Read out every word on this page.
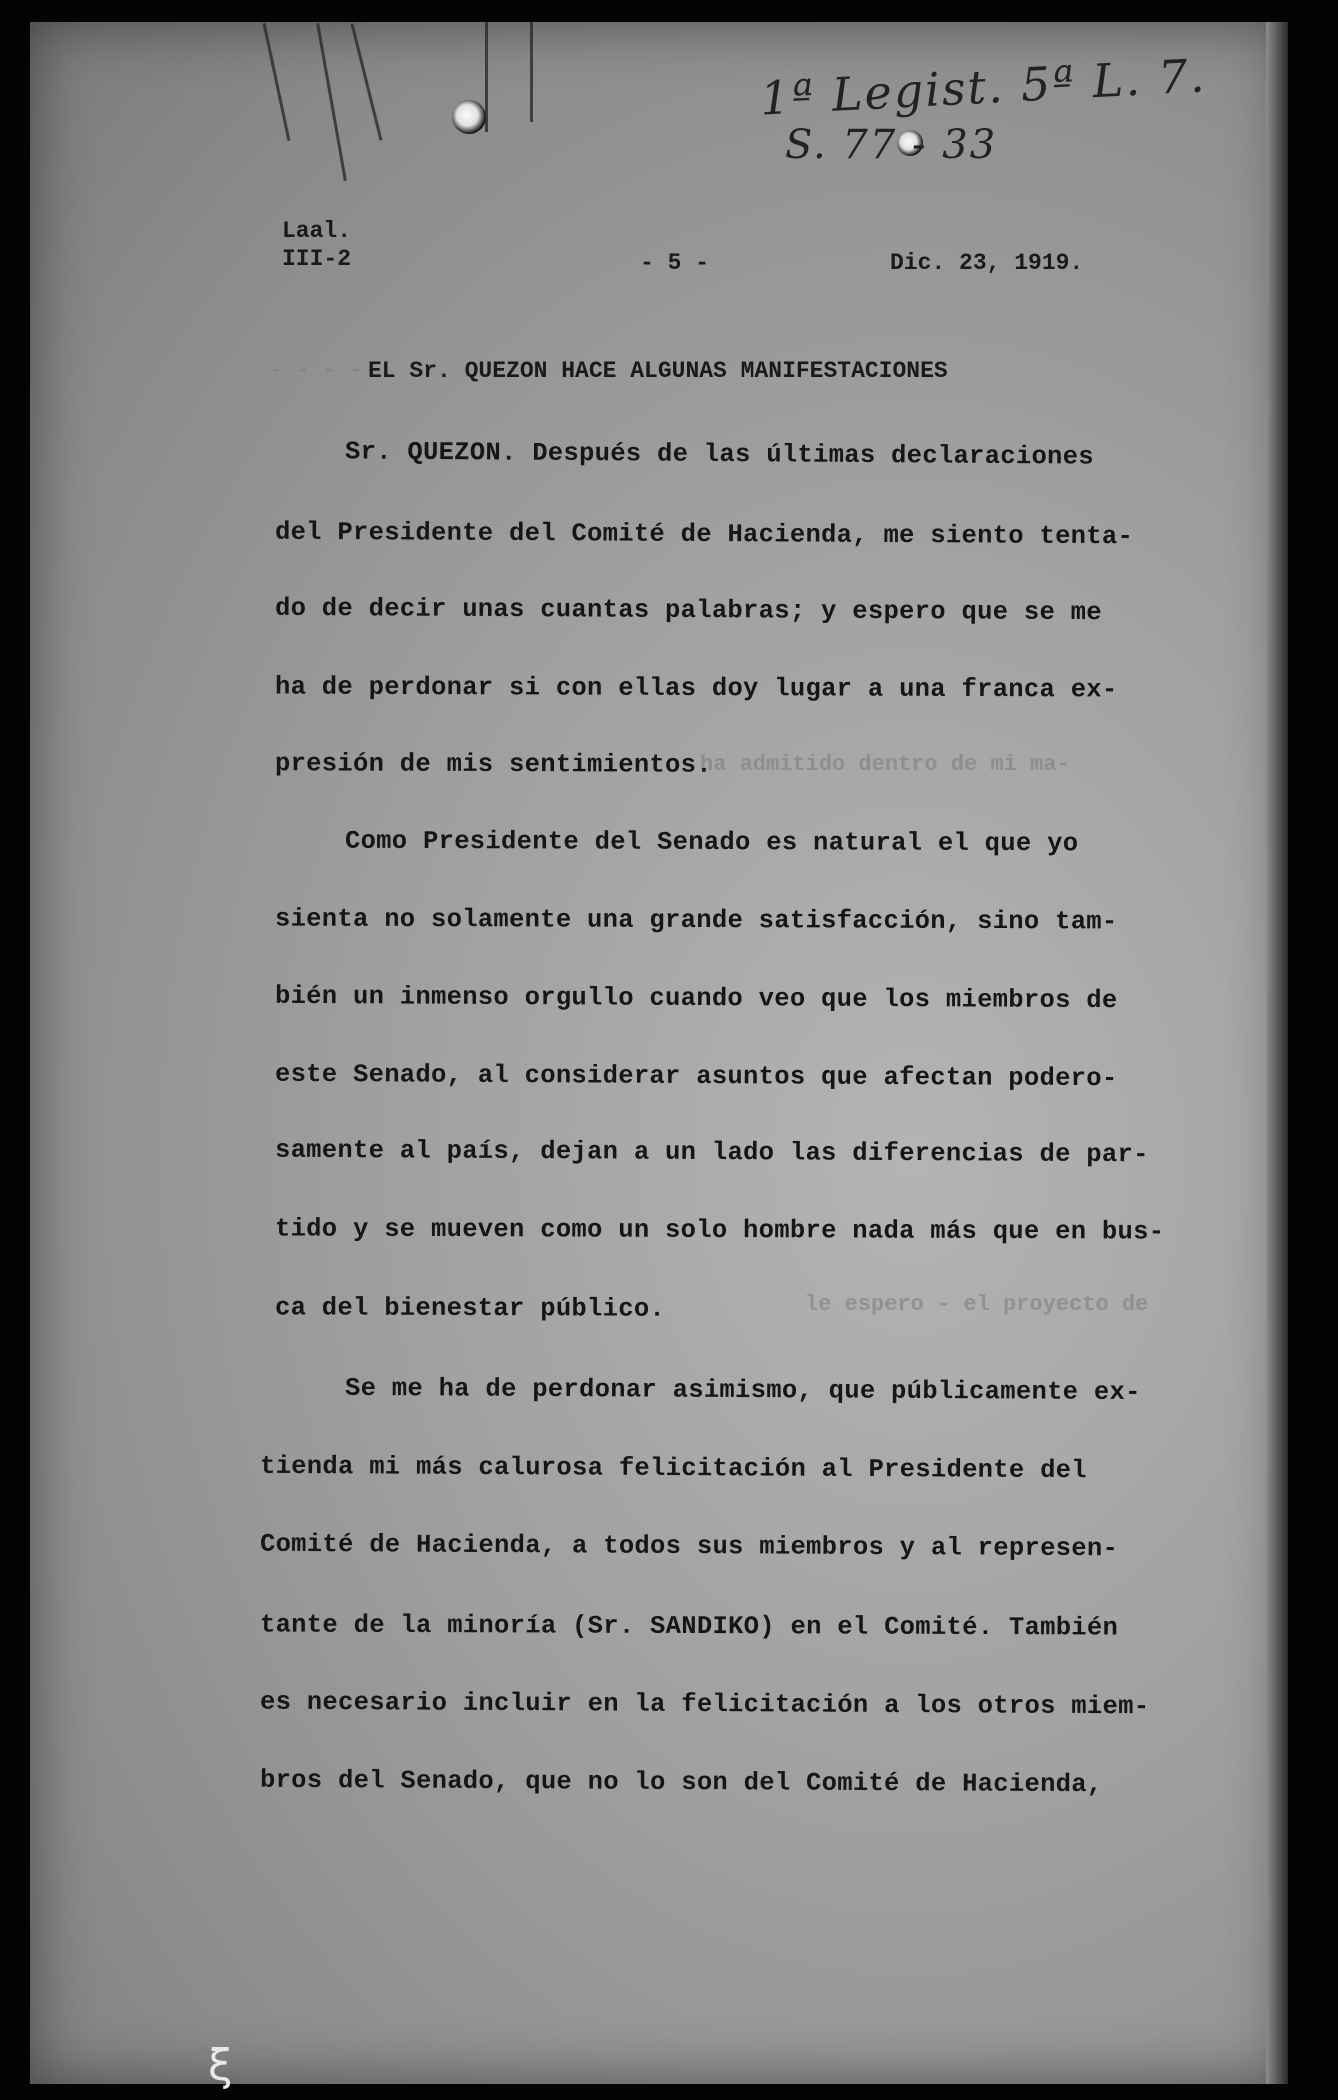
1ª Legist. 5ª L. 7.
S. 77 - 33
Laal.
III-2	- 5 -	Dic. 23, 1919.
EL Sr. QUEZON HACE ALGUNAS MANIFESTACIONES
- - - -
ha admitido dentro de mi ma-
le espero - el proyecto de
Sr. QUEZON. Después de las últimas declaraciones
del Presidente del Comité de Hacienda, me siento tenta-
do de decir unas cuantas palabras; y espero que se me
ha de perdonar si con ellas doy lugar a una franca ex-
presión de mis sentimientos.
Como Presidente del Senado es natural el que yo
sienta no solamente una grande satisfacción, sino tam-
bién un inmenso orgullo cuando veo que los miembros de
este Senado, al considerar asuntos que afectan podero-
samente al país, dejan a un lado las diferencias de par-
tido y se mueven como un solo hombre nada más que en bus-
ca del bienestar público.
Se me ha de perdonar asimismo, que públicamente ex-
tienda mi más calurosa felicitación al Presidente del
Comité de Hacienda, a todos sus miembros y al represen-
tante de la minoría (Sr. SANDIKO) en el Comité. También
es necesario incluir en la felicitación a los otros miem-
bros del Senado, que no lo son del Comité de Hacienda,
ξ
